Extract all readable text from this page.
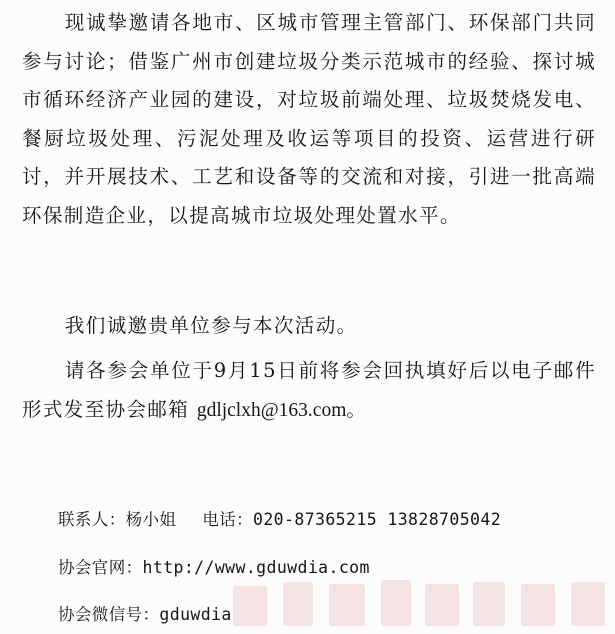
现诚挚邀请各地市、区城市管理主管部门、环保部门共同参与讨论；借鉴广州市创建垃圾分类示范城市的经验、探讨城市循环经济产业园的建设，对垃圾前端处理、垃圾焚烧发电、餐厨垃圾处理、污泥处理及收运等项目的投资、运营进行研讨，并开展技术、工艺和设备等的交流和对接，引进一批高端环保制造企业，以提高城市垃圾处理处置水平。

我们诚邀贵单位参与本次活动。

请各参会单位于9月15日前将参会回执填好后以电子邮件形式发至协会邮箱 gdljclxh@163.com。

联系人：杨小姐 电话：020-87365215 13828705042
协会官网：http://www.gduwdia.com
协会微信号：gduwdia
